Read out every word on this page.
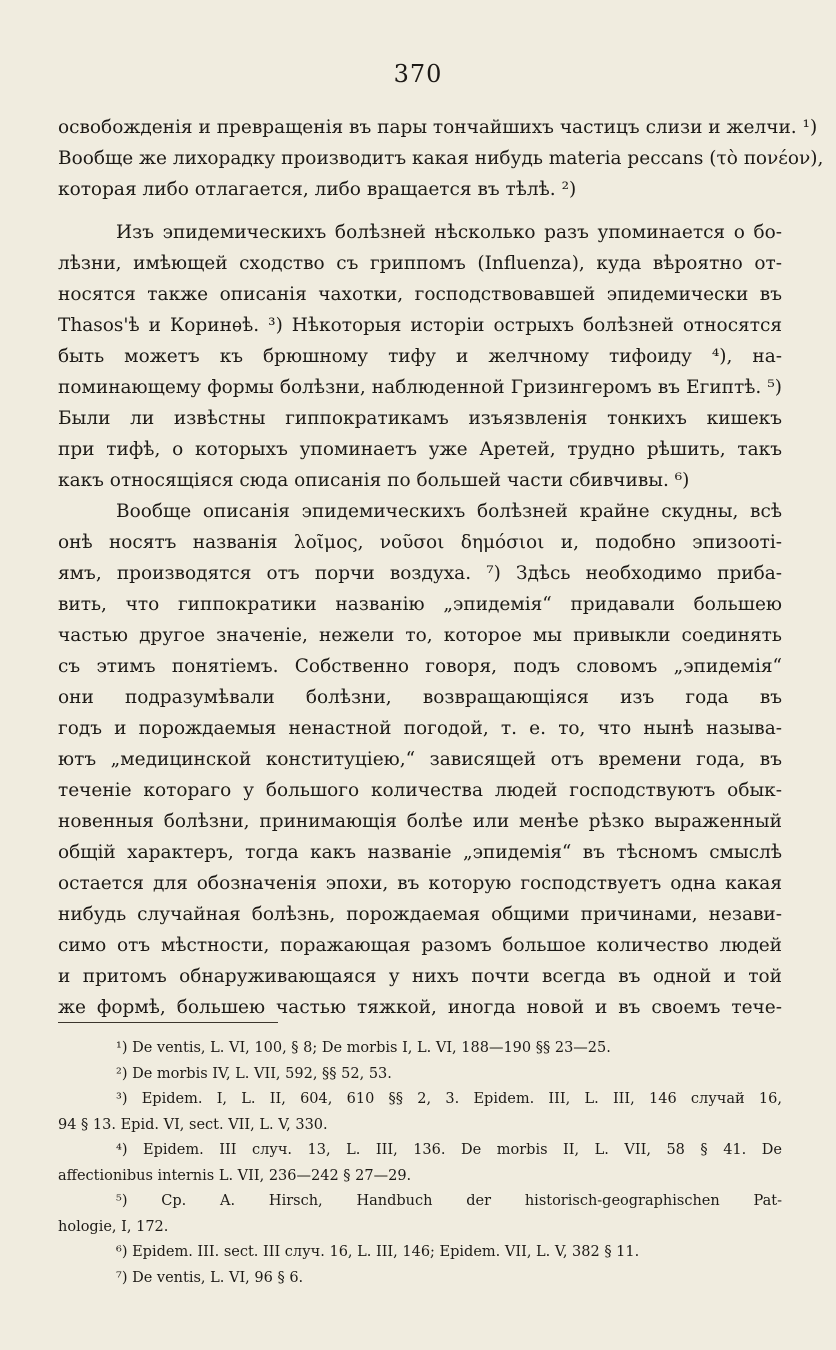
370

освобожденія и превращенія въ пары тончайшихъ частицъ слизи и желчи. ¹)

Вообще же лихорадку производитъ какая нибудь materia peccans (τὸ πονέον),

которая либо отлагается, либо вращается въ тѣлѣ. ²)

Изъ эпидемическихъ болѣзней нѣсколько разъ упоминается о бо-

лѣзни, имѣющей сходство съ гриппомъ (Influenza), куда вѣроятно от-

носятся также описанія чахотки, господствовавшей эпидемически въ

Thasos'ѣ и Коринѳѣ. ³) Нѣкоторыя исторіи острыхъ болѣзней относятся

быть можетъ къ брюшному тифу и желчному тифоиду ⁴), на-

поминающему формы болѣзни, наблюденной Гризингеромъ въ Египтѣ. ⁵)

Были ли извѣстны гиппократикамъ изъязвленія тонкихъ кишекъ

при тифѣ, о которыхъ упоминаетъ уже Аретей, трудно рѣшить, такъ

какъ относящіяся сюда описанія по большей части сбивчивы. ⁶)

Вообще описанія эпидемическихъ болѣзней крайне скудны, всѣ

онѣ носятъ названія λοῖμος, νοῦσοι δημόσιοι и, подобно эпизооті-

ямъ, производятся отъ порчи воздуха. ⁷) Здѣсь необходимо приба-

вить, что гиппократики названію „эпидемія“ придавали большею

частью другое значеніе, нежели то, которое мы привыкли соединять

съ этимъ понятіемъ. Собственно говоря, подъ словомъ „эпидемія“

они подразумѣвали болѣзни, возвращающіяся изъ года въ

годъ и порождаемыя ненастной погодой, т. е. то, что нынѣ называ-

ютъ „медицинской конституціею,“ зависящей отъ времени года, въ

теченіе котораго у большого количества людей господствуютъ обык-

новенныя болѣзни, принимающія болѣе или менѣе рѣзко выраженный

общій характеръ, тогда какъ названіе „эпидемія“ въ тѣсномъ смыслѣ

остается для обозначенія эпохи, въ которую господствуетъ одна какая

нибудь случайная болѣзнь, порождаемая общими причинами, незави-

симо отъ мѣстности, поражающая разомъ большое количество людей

и притомъ обнаруживающаяся у нихъ почти всегда въ одной и той

же формѣ, большею частью тяжкой, иногда новой и въ своемъ тече-

¹) De ventis, L. VI, 100, § 8; De morbis I, L. VI, 188—190 §§ 23—25.

²) De morbis IV, L. VII, 592, §§ 52, 53.

³) Epidem. I, L. II, 604, 610 §§ 2, 3. Epidem. III, L. III, 146 случай 16,

94 § 13. Epid. VI, sect. VII, L. V, 330.

⁴) Epidem. III случ. 13, L. III, 136. De morbis II, L. VII, 58 § 41. De

affectionibus internis L. VII, 236—242 § 27—29.

⁵) Ср. A. Hirsch, Handbuch der historisch-geographischen Pat-

hologie, I, 172.

⁶) Epidem. III. sect. III случ. 16, L. III, 146; Epidem. VII, L. V, 382 § 11.

⁷) De ventis, L. VI, 96 § 6.
